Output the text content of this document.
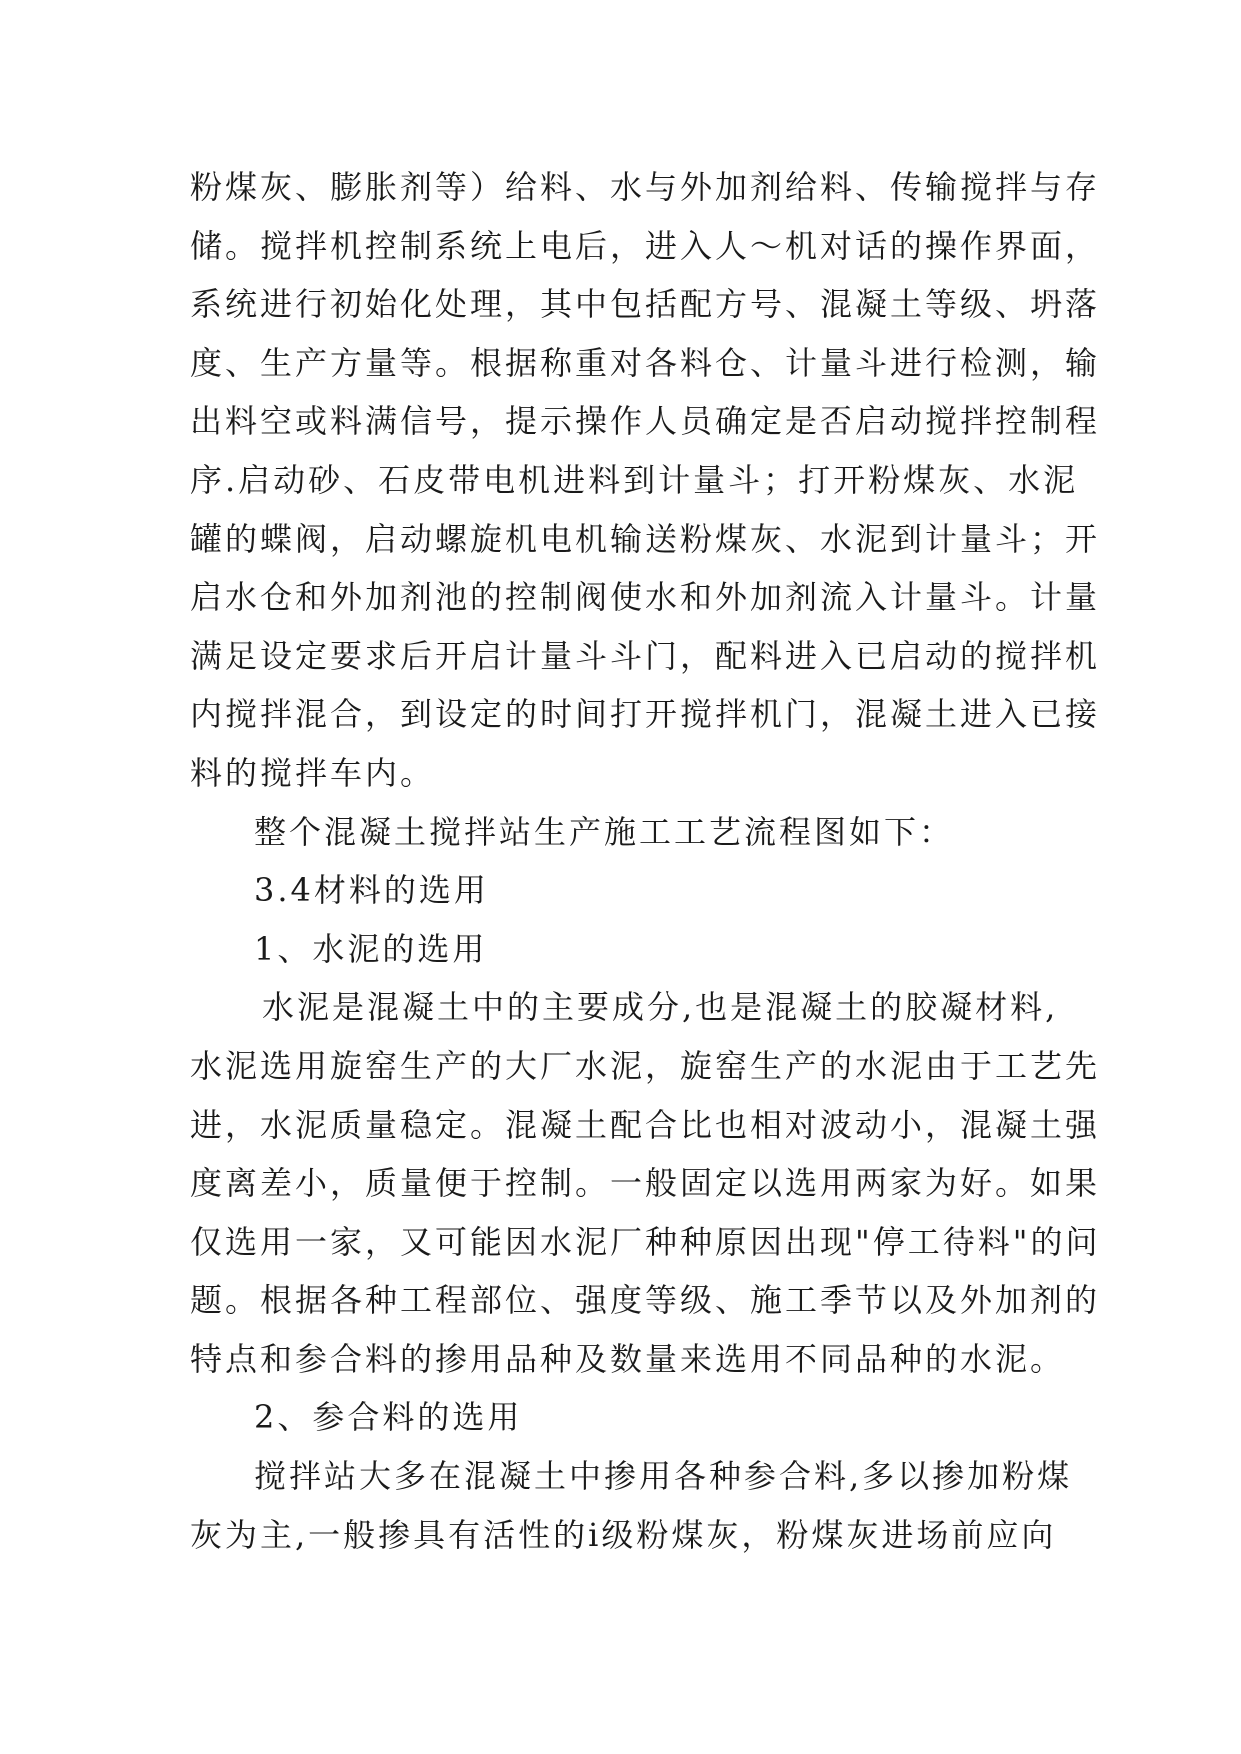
粉煤灰、膨胀剂等）给料、水与外加剂给料、传输搅拌与存
储。搅拌机控制系统上电后，进入人～机对话的操作界面，
系统进行初始化处理，其中包括配方号、混凝土等级、坍落
度、生产方量等。根据称重对各料仓、计量斗进行检测，输
出料空或料满信号，提示操作人员确定是否启动搅拌控制程
序.启动砂、石皮带电机进料到计量斗；打开粉煤灰、水泥
罐的蝶阀，启动螺旋机电机输送粉煤灰、水泥到计量斗；开
启水仓和外加剂池的控制阀使水和外加剂流入计量斗。计量
满足设定要求后开启计量斗斗门，配料进入已启动的搅拌机
内搅拌混合，到设定的时间打开搅拌机门，混凝土进入已接
料的搅拌车内。
整个混凝土搅拌站生产施工工艺流程图如下：
3.4材料的选用
1、水泥的选用
水泥是混凝土中的主要成分,也是混凝土的胶凝材料,
水泥选用旋窑生产的大厂水泥，旋窑生产的水泥由于工艺先
进，水泥质量稳定。混凝土配合比也相对波动小，混凝土强
度离差小，质量便于控制。一般固定以选用两家为好。如果
仅选用一家，又可能因水泥厂种种原因出现"停工待料"的问
题。根据各种工程部位、强度等级、施工季节以及外加剂的
特点和参合料的掺用品种及数量来选用不同品种的水泥。
2、参合料的选用
搅拌站大多在混凝土中掺用各种参合料,多以掺加粉煤
灰为主,一般掺具有活性的ⅰ级粉煤灰，粉煤灰进场前应向
